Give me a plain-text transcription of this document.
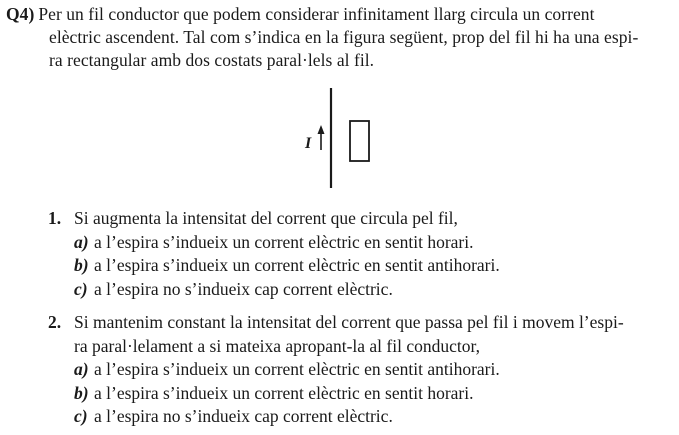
Q4) Per un fil conductor que podem considerar infinitament llarg circula un corrent
elèctric ascendent. Tal com s’indica en la figura següent, prop del fil hi ha una espi-
ra rectangular amb dos costats paral·lels al fil.
I
1. Si augmenta la intensitat del corrent que circula pel fil,
a) a l’espira s’indueix un corrent elèctric en sentit horari.
b) a l’espira s’indueix un corrent elèctric en sentit antihorari.
c) a l’espira no s’indueix cap corrent elèctric.
2. Si mantenim constant la intensitat del corrent que passa pel fil i movem l’espi-
ra paral·lelament a si mateixa apropant-la al fil conductor,
a) a l’espira s’indueix un corrent elèctric en sentit antihorari.
b) a l’espira s’indueix un corrent elèctric en sentit horari.
c) a l’espira no s’indueix cap corrent elèctric.
